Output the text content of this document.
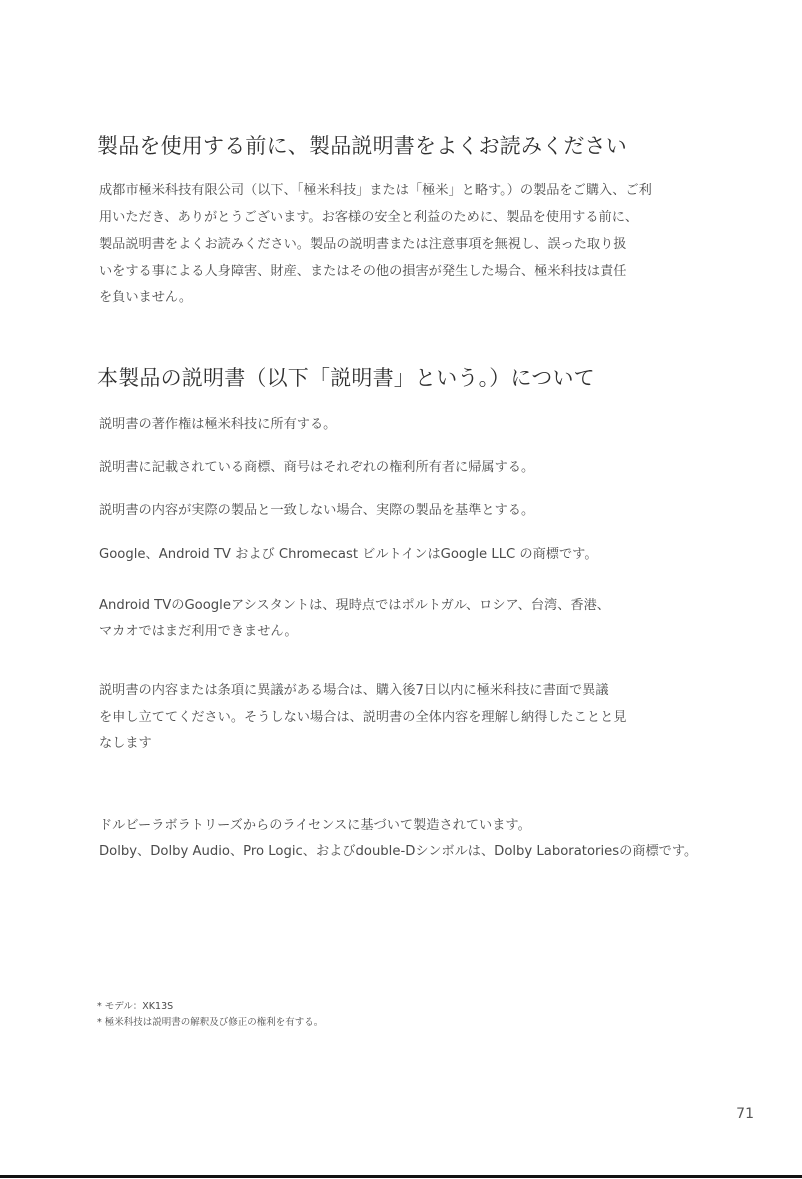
製品を使用する前に、製品説明書をよくお読みください
成都市極米科技有限公司（以下、「極米科技」または「極米」と略す。）の製品をご購入、ご利
用いただき、ありがとうございます。お客様の安全と利益のために、製品を使用する前に、
製品説明書をよくお読みください。製品の説明書または注意事項を無視し、誤った取り扱
いをする事による人身障害、財産、またはその他の損害が発生した場合、極米科技は責任
を負いません。
本製品の説明書（以下「説明書」という。）について
説明書の著作権は極米科技に所有する。
説明書に記載されている商標、商号はそれぞれの権利所有者に帰属する。
説明書の内容が実際の製品と一致しない場合、実際の製品を基準とする。
Google、Android TV および Chromecast ビルトインはGoogle LLC の商標です。
Android TVのGoogleアシスタントは、現時点ではポルトガル、ロシア、台湾、香港、
マカオではまだ利用できません。
説明書の内容または条項に異議がある場合は、購入後7日以内に極米科技に書面で異議
を申し立ててください。そうしない場合は、説明書の全体内容を理解し納得したことと見
なします
ドルビーラボラトリーズからのライセンスに基づいて製造されています。
Dolby、Dolby Audio、Pro Logic、およびdouble-Dシンボルは、Dolby Laboratoriesの商標です。
* モデル：XK13S
* 極米科技は説明書の解釈及び修正の権利を有する。
71
